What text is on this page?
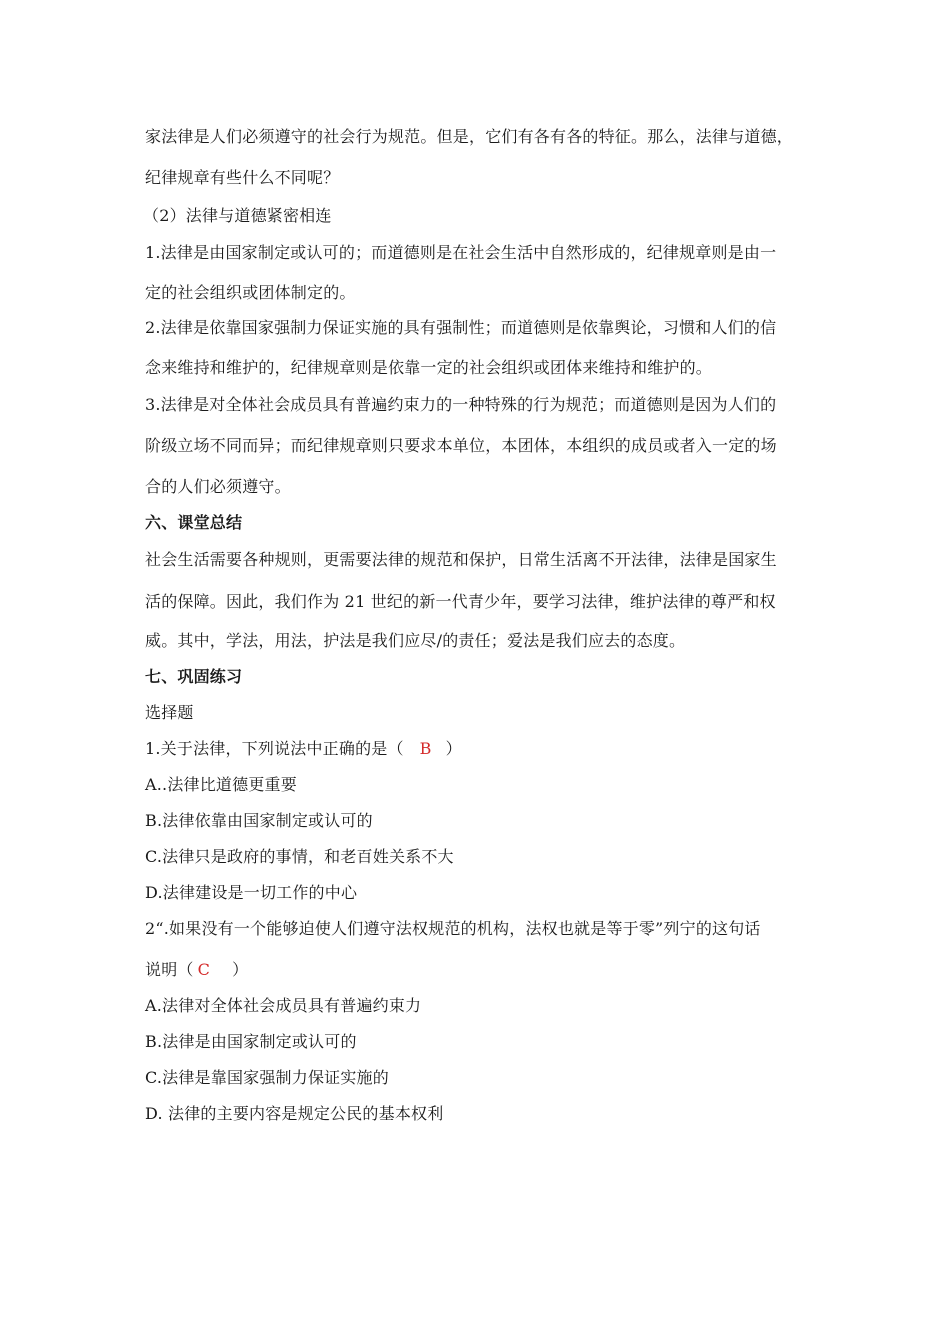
家法律是人们必须遵守的社会行为规范。但是，它们有各有各的特征。那么，法律与道德，
纪律规章有些什么不同呢？
（2）法律与道德紧密相连
1.法律是由国家制定或认可的；而道德则是在社会生活中自然形成的，纪律规章则是由一
定的社会组织或团体制定的。
2.法律是依靠国家强制力保证实施的具有强制性；而道德则是依靠舆论，习惯和人们的信
念来维持和维护的，纪律规章则是依靠一定的社会组织或团体来维持和维护的。
3.法律是对全体社会成员具有普遍约束力的一种特殊的行为规范；而道德则是因为人们的
阶级立场不同而异；而纪律规章则只要求本单位，本团体，本组织的成员或者入一定的场
合的人们必须遵守。
六、课堂总结
社会生活需要各种规则，更需要法律的规范和保护，日常生活离不开法律，法律是国家生
活的保障。因此，我们作为 21 世纪的新一代青少年，要学习法律，维护法律的尊严和权
威。其中，学法，用法，护法是我们应尽/的责任；爱法是我们应去的态度。
七、巩固练习
选择题
1.关于法律，下列说法中正确的是（ B ）
A..法律比道德更重要
B.法律依靠由国家制定或认可的
C.法律只是政府的事情，和老百姓关系不大
D.法律建设是一切工作的中心
2“.如果没有一个能够迫使人们遵守法权规范的机构，法权也就是等于零”列宁的这句话
说明（ C ）
A.法律对全体社会成员具有普遍约束力
B.法律是由国家制定或认可的
C.法律是靠国家强制力保证实施的
D. 法律的主要内容是规定公民的基本权利
